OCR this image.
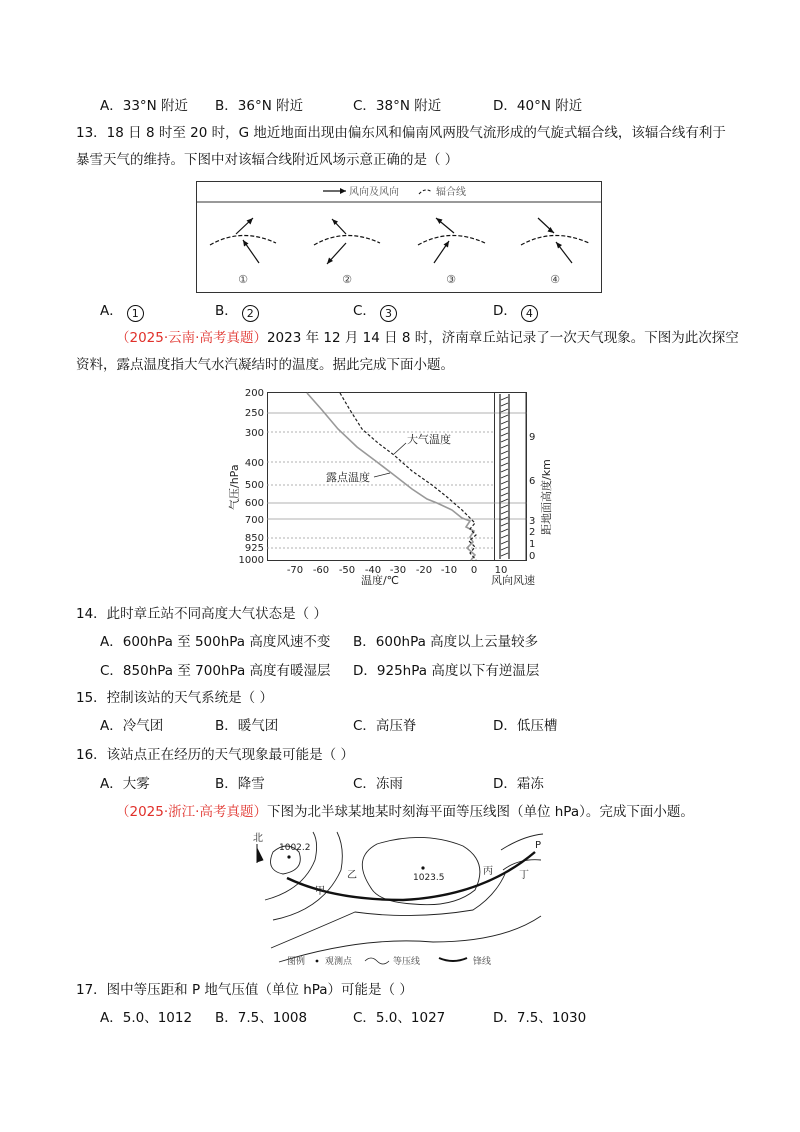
A．33°N 附近 B．36°N 附近	C．38°N 附近	D．40°N 附近
13．18 日 8 时至 20 时，G 地近地面出现由偏东风和偏南风两股气流形成的气旋式辐合线，该辐合线有利于
暴雪天气的维持。下图中对该辐合线附近风场示意正确的是（ ）
风向及风向	辐合线
①	②	③	④
A． 1	B． 2	C． 3	D． 4
（2025·云南·高考真题）2023 年 12 月 14 日 8 时，济南章丘站记录了一次天气现象。下图为此次探空
资料，露点温度指大气水汽凝结时的温度。据此完成下面小题。
200
250
300
400
500
600
700
850
925
1000
气压/hPa
-70 -60 -50 -40 -30 -20 -10 0 10
温度/℃	风向风速
大气温度
露点温度
9
6
3
2
1
0
距地面高度/km
14．此时章丘站不同高度大气状态是（ ）
A．600hPa 至 500hPa 高度风速不变 B．600hPa 高度以上云量较多
C．850hPa 至 700hPa 高度有暖湿层 D．925hPa 高度以下有逆温层
15．控制该站的天气系统是（ ）
A．冷气团	B．暖气团	C．高压脊	D．低压槽
16．该站点正在经历的天气现象最可能是（ ）
A．大雾	B．降雪	C．冻雨	D．霜冻
（2025·浙江·高考真题）下图为北半球某地某时刻海平面等压线图（单位 hPa）。完成下面小题。
北
1002.2
1023.5
甲
乙	丙	丁
P
图例 观测点	等压线	锋线
17．图中等压距和 P 地气压值（单位 hPa）可能是（ ）
A．5.0、1012 B．7.5、1008	C．5.0、1027	D．7.5、1030
